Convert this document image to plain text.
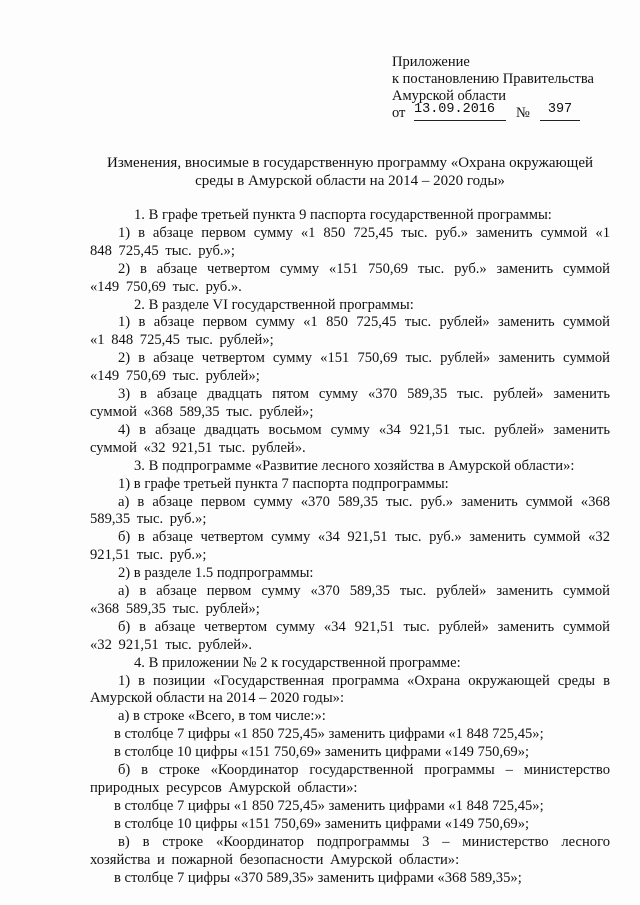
Приложение
к постановлению Правительства
Амурской области
от 13.09.2016	№	397
Изменения, вносимые в государственную программу «Охрана окружающей
среды в Амурской области на 2014 – 2020 годы»

1. В графе третьей пункта 9 паспорта государственной программы:

1) в абзаце первом сумму «1 850 725,45 тыс. руб.» заменить суммой «1 848 725,45 тыс. руб.»;

2) в абзаце четвертом сумму «151 750,69 тыс. руб.» заменить суммой «149 750,69 тыс. руб.».

2. В разделе VI государственной программы:

1) в абзаце первом сумму «1 850 725,45 тыс. рублей» заменить суммой «1 848 725,45 тыс. рублей»;

2) в абзаце четвертом сумму «151 750,69 тыс. рублей» заменить суммой «149 750,69 тыс. рублей»;

3) в абзаце двадцать пятом сумму «370 589,35 тыс. рублей» заменить суммой «368 589,35 тыс. рублей»;

4) в абзаце двадцать восьмом сумму «34 921,51 тыс. рублей» заменить суммой «32 921,51 тыс. рублей».

3. В подпрограмме «Развитие лесного хозяйства в Амурской области»:

1) в графе третьей пункта 7 паспорта подпрограммы:

а) в абзаце первом сумму «370 589,35 тыс. руб.» заменить суммой «368 589,35 тыс. руб.»;

б) в абзаце четвертом сумму «34 921,51 тыс. руб.» заменить суммой «32 921,51 тыс. руб.»;

2) в разделе 1.5 подпрограммы:

а) в абзаце первом сумму «370 589,35 тыс. рублей» заменить суммой «368 589,35 тыс. рублей»;

б) в абзаце четвертом сумму «34 921,51 тыс. рублей» заменить суммой «32 921,51 тыс. рублей».

4. В приложении № 2 к государственной программе:

1) в позиции «Государственная программа «Охрана окружающей среды в Амурской области на 2014 – 2020 годы»:

а) в строке «Всего, в том числе:»:

в столбце 7 цифры «1 850 725,45» заменить цифрами «1 848 725,45»;

в столбце 10 цифры «151 750,69» заменить цифрами «149 750,69»;

б) в строке «Координатор государственной программы – министерство природных ресурсов Амурской области»:

в столбце 7 цифры «1 850 725,45» заменить цифрами «1 848 725,45»;

в столбце 10 цифры «151 750,69» заменить цифрами «149 750,69»;

в) в строке «Координатор подпрограммы 3 – министерство лесного хозяйства и пожарной безопасности Амурской области»:

в столбце 7 цифры «370 589,35» заменить цифрами «368 589,35»;
